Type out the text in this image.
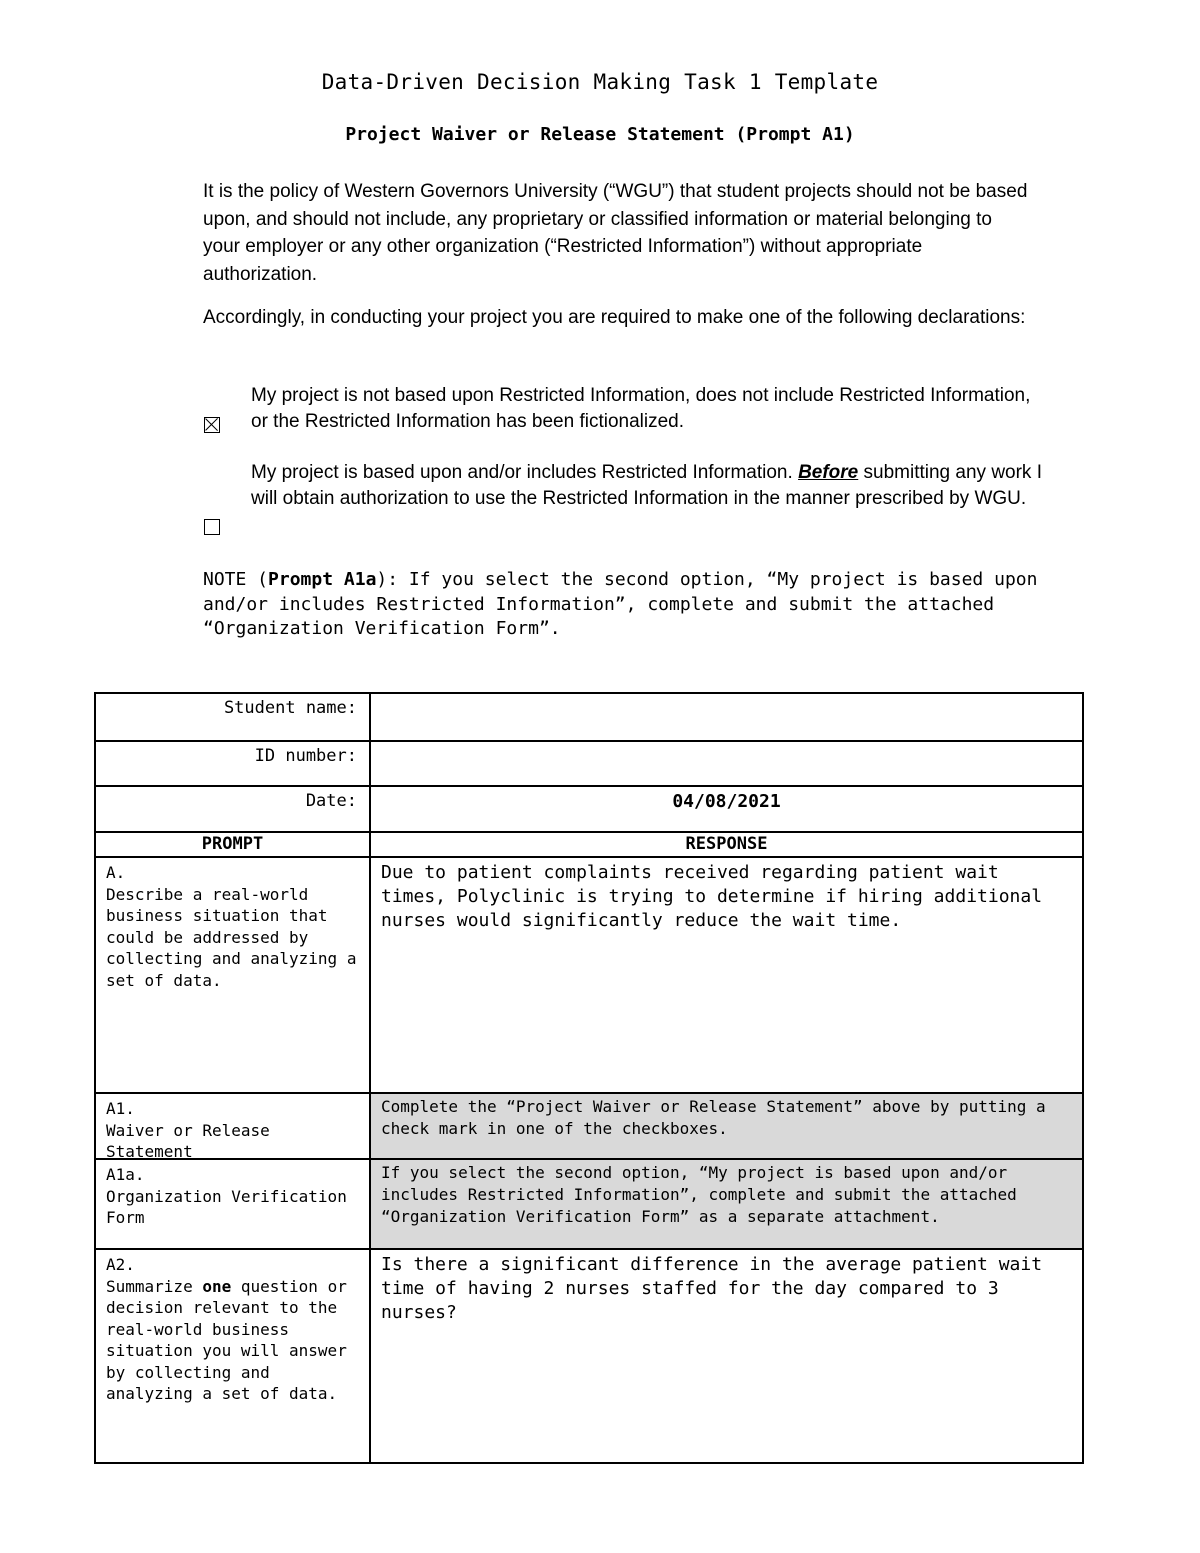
Data-Driven Decision Making Task 1 Template
Project Waiver or Release Statement (Prompt A1)
It is the policy of Western Governors University (“WGU”) that student projects should not be based upon, and should not include, any proprietary or classified information or material belonging to your employer or any other organization (“Restricted Information”) without appropriate authorization.
Accordingly, in conducting your project you are required to make one of the following declarations:
My project is not based upon Restricted Information, does not include Restricted Information, or the Restricted Information has been fictionalized.
My project is based upon and/or includes Restricted Information. Before submitting any work I will obtain authorization to use the Restricted Information in the manner prescribed by WGU.
NOTE (Prompt A1a): If you select the second option, “My project is based upon and/or includes Restricted Information”, complete and submit the attached “Organization Verification Form”.
Student name:
ID number:
Date:	04/08/2021
PROMPT	RESPONSE
A.
Describe a real-world business situation that could be addressed by collecting and analyzing a set of data.
Due to patient complaints received regarding patient wait times, Polyclinic is trying to determine if hiring additional nurses would significantly reduce the wait time.
A1.
Waiver or Release Statement
Complete the “Project Waiver or Release Statement” above by putting a check mark in one of the checkboxes.
A1a.
Organization Verification Form
If you select the second option, “My project is based upon and/or includes Restricted Information”, complete and submit the attached “Organization Verification Form” as a separate attachment.
A2.
Summarize one question or decision relevant to the real-world business situation you will answer by collecting and analyzing a set of data.
Is there a significant difference in the average patient wait time of having 2 nurses staffed for the day compared to 3 nurses?
